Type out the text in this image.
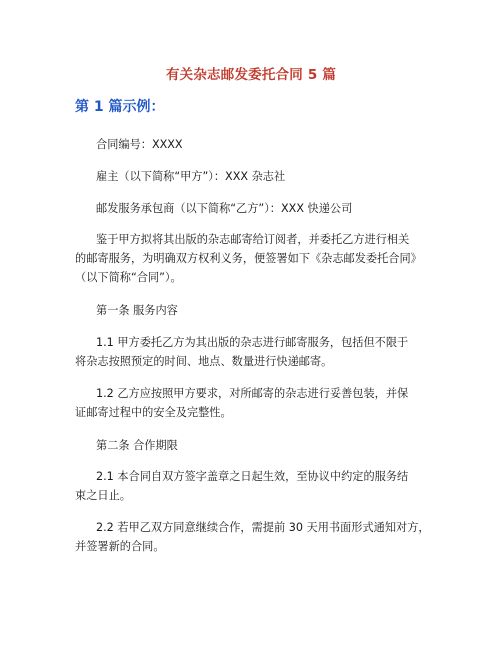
有关杂志邮发委托合同 5 篇
第 1 篇示例：
合同编号：XXXX
雇主（以下简称“甲方”）：XXX 杂志社
邮发服务承包商（以下简称“乙方”）：XXX 快递公司
鉴于甲方拟将其出版的杂志邮寄给订阅者，并委托乙方进行相关
的邮寄服务，为明确双方权利义务，便签署如下《杂志邮发委托合同》
（以下简称“合同”）。
第一条 服务内容
1.1 甲方委托乙方为其出版的杂志进行邮寄服务，包括但不限于
将杂志按照预定的时间、地点、数量进行快递邮寄。
1.2 乙方应按照甲方要求，对所邮寄的杂志进行妥善包装，并保
证邮寄过程中的安全及完整性。
第二条 合作期限
2.1 本合同自双方签字盖章之日起生效，至协议中约定的服务结
束之日止。
2.2 若甲乙双方同意继续合作，需提前 30 天用书面形式通知对方，
并签署新的合同。
